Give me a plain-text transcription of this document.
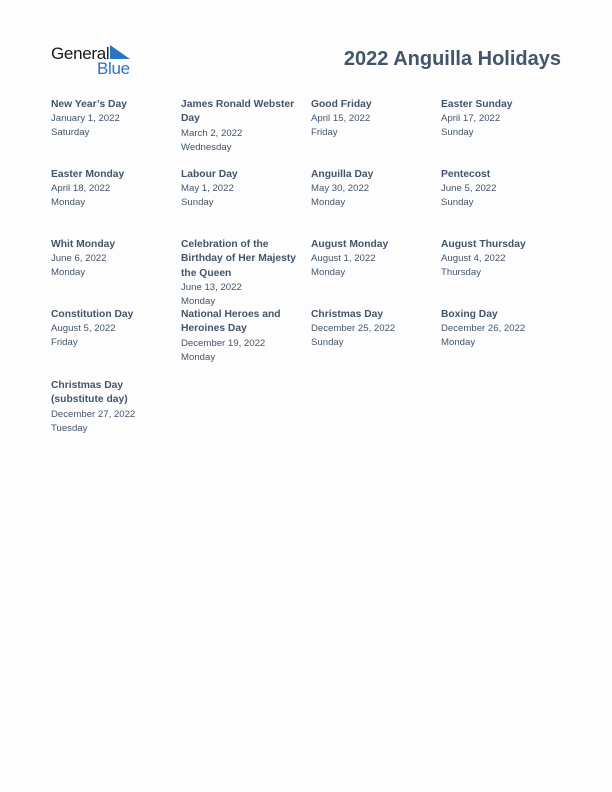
General
Blue	2022 Anguilla Holidays
New Year’s Day
January 1, 2022
Saturday
James Ronald Webster Day
March 2, 2022
Wednesday
Good Friday
April 15, 2022
Friday
Easter Sunday
April 17, 2022
Sunday
Easter Monday
April 18, 2022
Monday
Labour Day
May 1, 2022
Sunday
Anguilla Day
May 30, 2022
Monday
Pentecost
June 5, 2022
Sunday
Whit Monday
June 6, 2022
Monday
Celebration of the Birthday of Her Majesty the Queen
June 13, 2022
Monday
August Monday
August 1, 2022
Monday
August Thursday
August 4, 2022
Thursday
Constitution Day
August 5, 2022
Friday
National Heroes and Heroines Day
December 19, 2022
Monday
Christmas Day
December 25, 2022
Sunday
Boxing Day
December 26, 2022
Monday
Christmas Day (substitute day)
December 27, 2022
Tuesday
